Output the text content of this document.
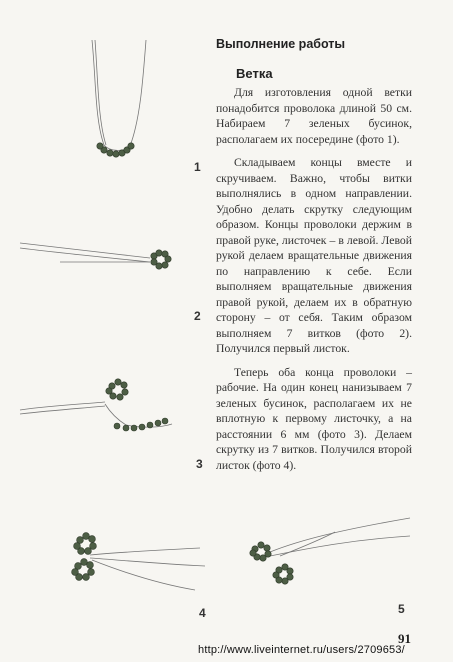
1
2
3
4	5
Выполнение работы
Ветка

Для изготовления одной ветки понадобится проволока длиной 50 см. Набираем 7 зеленых бусинок, располагаем их посередине (фото 1).

Складываем концы вместе и скручиваем. Важно, чтобы витки выполнялись в одном направлении. Удобно делать скрутку следующим образом. Концы проволоки держим в правой руке, листочек – в левой. Левой рукой делаем вращательные движения по направлению к себе. Если выполняем вращательные движения правой рукой, делаем их в обратную сторону – от себя. Таким образом выполняем 7 витков (фото 2). Получился первый листок.

Теперь оба конца проволоки – рабочие. На один конец нанизываем 7 зеленых бусинок, располагаем их не вплотную к первому листочку, а на расстоянии 6 мм (фото 3). Делаем скрутку из 7 витков. Получился второй листок (фото 4).

91
http://www.liveinternet.ru/users/2709653/
